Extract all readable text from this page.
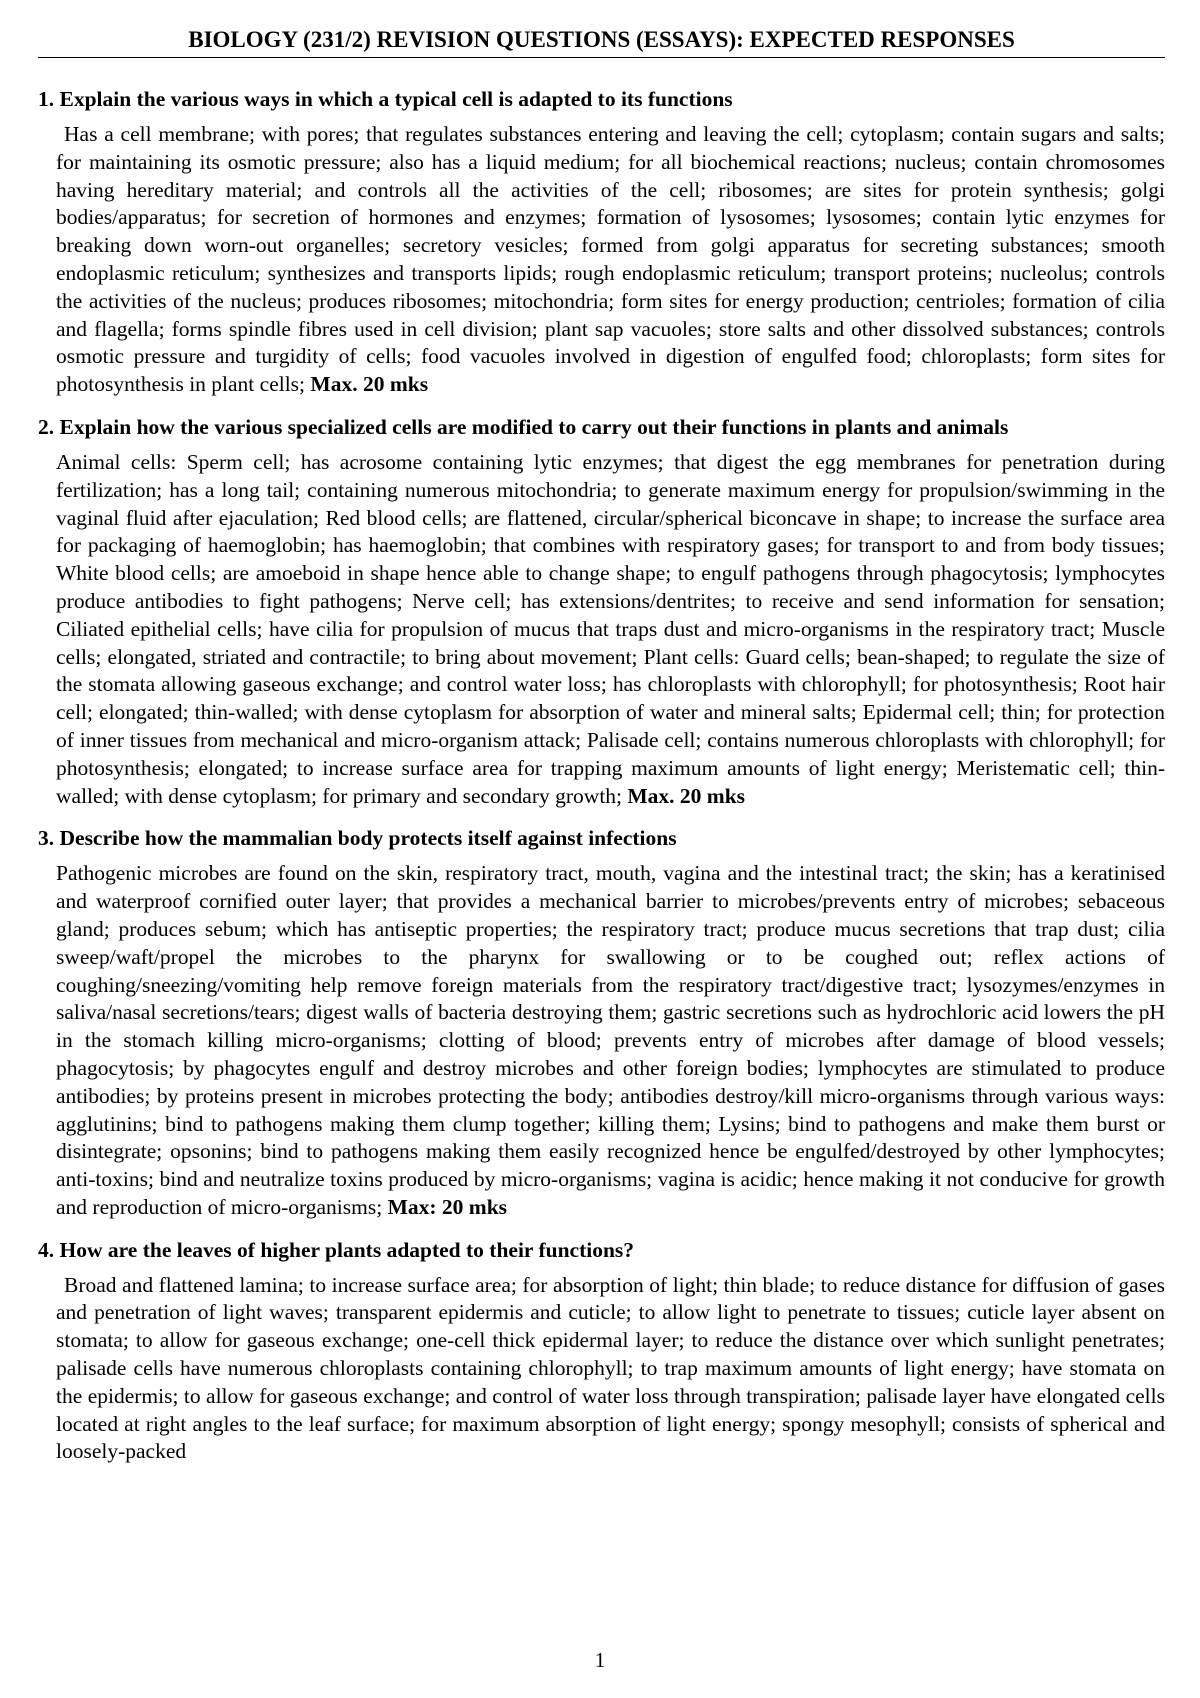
BIOLOGY (231/2) REVISION QUESTIONS (ESSAYS): EXPECTED RESPONSES
1. Explain the various ways in which a typical cell is adapted to its functions
Has a cell membrane; with pores; that regulates substances entering and leaving the cell; cytoplasm; contain sugars and salts; for maintaining its osmotic pressure; also has a liquid medium; for all biochemical reactions; nucleus; contain chromosomes having hereditary material; and controls all the activities of the cell; ribosomes; are sites for protein synthesis; golgi bodies/apparatus; for secretion of hormones and enzymes; formation of lysosomes; lysosomes; contain lytic enzymes for breaking down worn-out organelles; secretory vesicles; formed from golgi apparatus for secreting substances; smooth endoplasmic reticulum; synthesizes and transports lipids; rough endoplasmic reticulum; transport proteins; nucleolus; controls the activities of the nucleus; produces ribosomes; mitochondria; form sites for energy production; centrioles; formation of cilia and flagella; forms spindle fibres used in cell division; plant sap vacuoles; store salts and other dissolved substances; controls osmotic pressure and turgidity of cells; food vacuoles involved in digestion of engulfed food; chloroplasts; form sites for photosynthesis in plant cells; Max. 20 mks
2. Explain how the various specialized cells are modified to carry out their functions in plants and animals
Animal cells: Sperm cell; has acrosome containing lytic enzymes; that digest the egg membranes for penetration during fertilization; has a long tail; containing numerous mitochondria; to generate maximum energy for propulsion/swimming in the vaginal fluid after ejaculation; Red blood cells; are flattened, circular/spherical biconcave in shape; to increase the surface area for packaging of haemoglobin; has haemoglobin; that combines with respiratory gases; for transport to and from body tissues; White blood cells; are amoeboid in shape hence able to change shape; to engulf pathogens through phagocytosis; lymphocytes produce antibodies to fight pathogens; Nerve cell; has extensions/dentrites; to receive and send information for sensation; Ciliated epithelial cells; have cilia for propulsion of mucus that traps dust and micro-organisms in the respiratory tract; Muscle cells; elongated, striated and contractile; to bring about movement; Plant cells: Guard cells; bean-shaped; to regulate the size of the stomata allowing gaseous exchange; and control water loss; has chloroplasts with chlorophyll; for photosynthesis; Root hair cell; elongated; thin-walled; with dense cytoplasm for absorption of water and mineral salts; Epidermal cell; thin; for protection of inner tissues from mechanical and micro-organism attack; Palisade cell; contains numerous chloroplasts with chlorophyll; for photosynthesis; elongated; to increase surface area for trapping maximum amounts of light energy; Meristematic cell; thin-walled; with dense cytoplasm; for primary and secondary growth; Max. 20 mks
3. Describe how the mammalian body protects itself against infections
Pathogenic microbes are found on the skin, respiratory tract, mouth, vagina and the intestinal tract; the skin; has a keratinised and waterproof cornified outer layer; that provides a mechanical barrier to microbes/prevents entry of microbes; sebaceous gland; produces sebum; which has antiseptic properties; the respiratory tract; produce mucus secretions that trap dust; cilia sweep/waft/propel the microbes to the pharynx for swallowing or to be coughed out; reflex actions of coughing/sneezing/vomiting help remove foreign materials from the respiratory tract/digestive tract; lysozymes/enzymes in saliva/nasal secretions/tears; digest walls of bacteria destroying them; gastric secretions such as hydrochloric acid lowers the pH in the stomach killing micro-organisms; clotting of blood; prevents entry of microbes after damage of blood vessels; phagocytosis; by phagocytes engulf and destroy microbes and other foreign bodies; lymphocytes are stimulated to produce antibodies; by proteins present in microbes protecting the body; antibodies destroy/kill micro-organisms through various ways: agglutinins; bind to pathogens making them clump together; killing them; Lysins; bind to pathogens and make them burst or disintegrate; opsonins; bind to pathogens making them easily recognized hence be engulfed/destroyed by other lymphocytes; anti-toxins; bind and neutralize toxins produced by micro-organisms; vagina is acidic; hence making it not conducive for growth and reproduction of micro-organisms; Max: 20 mks
4. How are the leaves of higher plants adapted to their functions?
Broad and flattened lamina; to increase surface area; for absorption of light; thin blade; to reduce distance for diffusion of gases and penetration of light waves; transparent epidermis and cuticle; to allow light to penetrate to tissues; cuticle layer absent on stomata; to allow for gaseous exchange; one-cell thick epidermal layer; to reduce the distance over which sunlight penetrates; palisade cells have numerous chloroplasts containing chlorophyll; to trap maximum amounts of light energy; have stomata on the epidermis; to allow for gaseous exchange; and control of water loss through transpiration; palisade layer have elongated cells located at right angles to the leaf surface; for maximum absorption of light energy; spongy mesophyll; consists of spherical and loosely-packed
1
